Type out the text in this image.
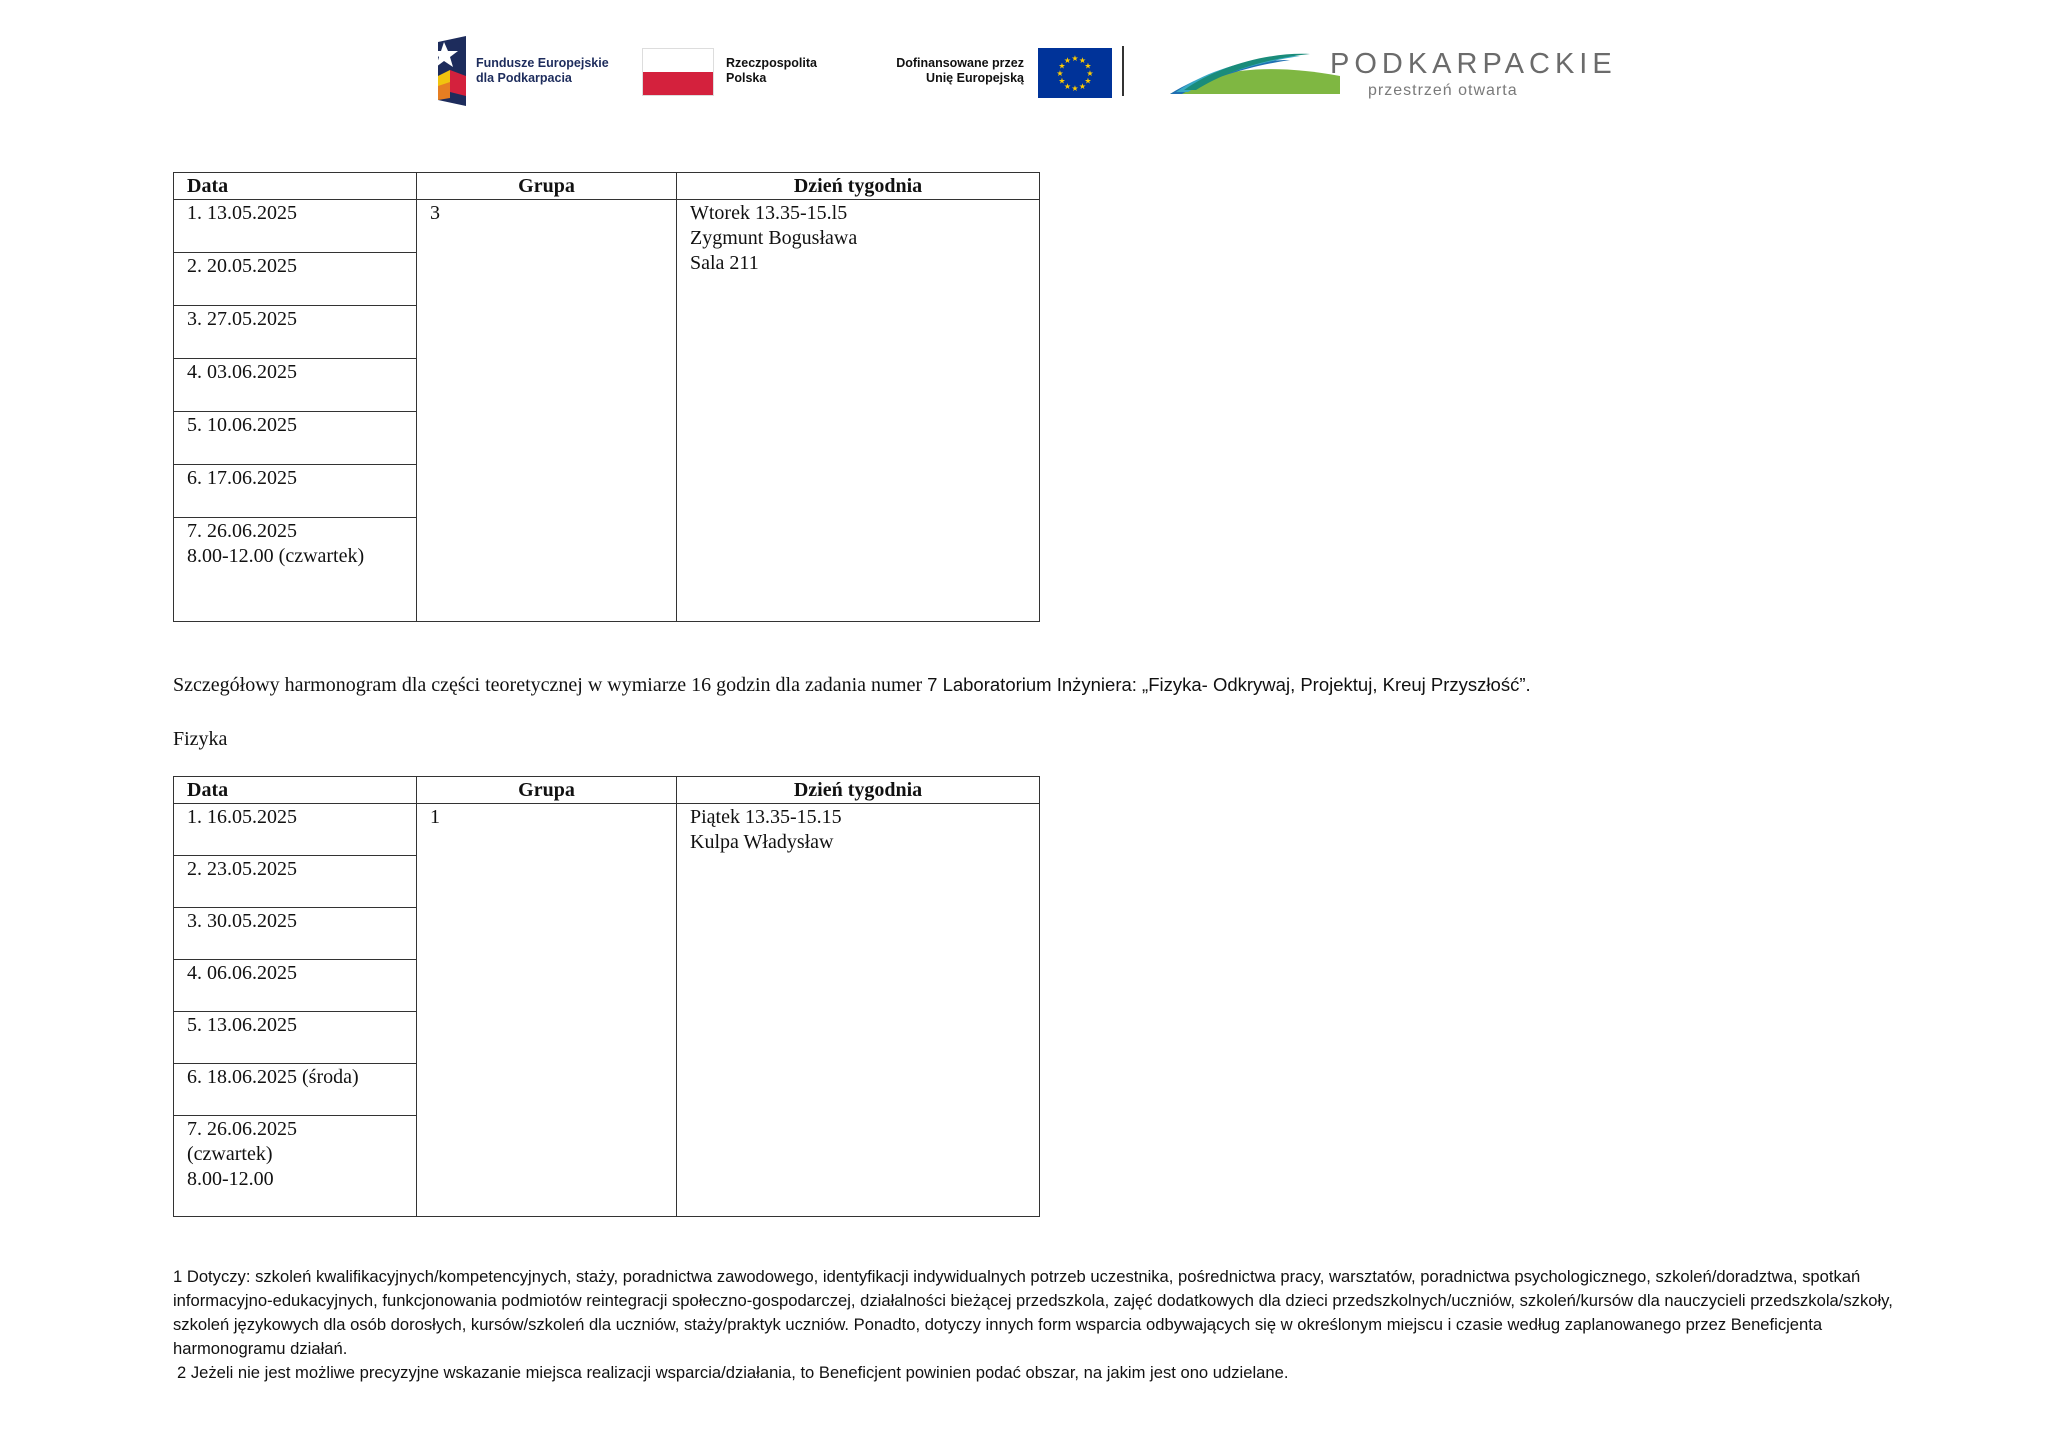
Fundusze Europejskie
dla Podkarpacia
Rzeczpospolita
Polska
Dofinansowane przez
Unię Europejską	★
★
★
★
★
★
★
★
★ ★ ★
★	PODKARPACKIE
przestrzeń otwarta
Data	Grupa	Dzień tygodnia
1. 13.05.2025	3	Wtorek 13.35-15.l5
Zygmunt Bogusława
Sala 211
2. 20.05.2025		
3. 27.05.2025		
4. 03.06.2025		
5. 10.06.2025		
6. 17.06.2025		
7. 26.06.2025
8.00-12.00 (czwartek)		
Szczegółowy harmonogram dla części teoretycznej w wymiarze 16 godzin dla zadania numer 7 Laboratorium Inżyniera: „Fizyka- Odkrywaj, Projektuj, Kreuj Przyszłość”.
Fizyka
Data	Grupa	Dzień tygodnia
1. 16.05.2025	1	Piątek 13.35-15.15
Kulpa Władysław
2. 23.05.2025		
3. 30.05.2025		
4. 06.06.2025		
5. 13.06.2025		
6. 18.06.2025 (środa)		
7. 26.06.2025
(czwartek)
8.00-12.00		

1 Dotyczy: szkoleń kwalifikacyjnych/kompetencyjnych, staży, poradnictwa zawodowego, identyfikacji indywidualnych potrzeb uczestnika, pośrednictwa pracy, warsztatów, poradnictwa psychologicznego, szkoleń/doradztwa, spotkań informacyjno-edukacyjnych, funkcjonowania podmiotów reintegracji społeczno-gospodarczej, działalności bieżącej przedszkola, zajęć dodatkowych dla dzieci przedszkolnych/uczniów, szkoleń/kursów dla nauczycieli przedszkola/szkoły, szkoleń językowych dla osób dorosłych, kursów/szkoleń dla uczniów, staży/praktyk uczniów. Ponadto, dotyczy innych form wsparcia odbywających się w określonym miejscu i czasie według zaplanowanego przez Beneficjenta harmonogramu działań.

2 Jeżeli nie jest możliwe precyzyjne wskazanie miejsca realizacji wsparcia/działania, to Beneficjent powinien podać obszar, na jakim jest ono udzielane.
